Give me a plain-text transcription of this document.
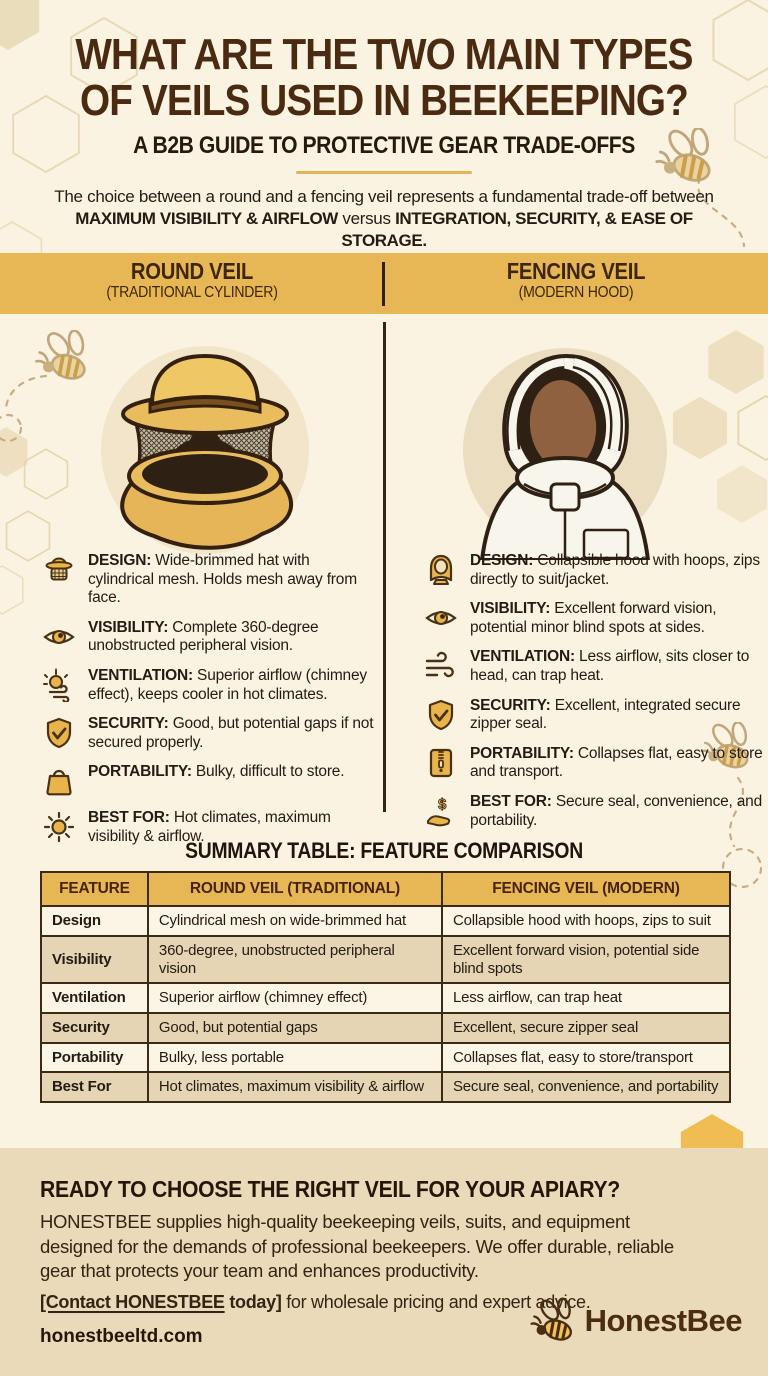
WHAT ARE THE TWO MAIN TYPES
OF VEILS USED IN BEEKEEPING?
A B2B GUIDE TO PROTECTIVE GEAR TRADE-OFFS
The choice between a round and a fencing veil represents a fundamental trade-off between MAXIMUM VISIBILITY & AIRFLOW versus INTEGRATION, SECURITY, & EASE OF STORAGE.
ROUND VEIL
(TRADITIONAL CYLINDER)
FENCING VEIL
(MODERN HOOD)
DESIGN: Wide-brimmed hat with cylindrical mesh. Holds mesh away from face.
VISIBILITY: Complete 360-degree unobstructed peripheral vision.
VENTILATION: Superior airflow (chimney effect), keeps cooler in hot climates.
SECURITY: Good, but potential gaps if not secured properly.
PORTABILITY: Bulky, difficult to store.
BEST FOR: Hot climates, maximum visibility & airflow.
DESIGN: Collapsible hood with hoops, zips directly to suit/jacket.
VISIBILITY: Excellent forward vision, potential minor blind spots at sides.
VENTILATION: Less airflow, sits closer to head, can trap heat.
SECURITY: Excellent, integrated secure zipper seal.
PORTABILITY: Collapses flat, easy to store and transport.
$ BEST FOR: Secure seal, convenience, and portability.
SUMMARY TABLE: FEATURE COMPARISON
FEATURE	ROUND VEIL (TRADITIONAL)	FENCING VEIL (MODERN)
Design	Cylindrical mesh on wide-brimmed hat	Collapsible hood with hoops, zips to suit
Visibility	360-degree, unobstructed peripheral vision	Excellent forward vision, potential side blind spots
Ventilation	Superior airflow (chimney effect)	Less airflow, can trap heat
Security	Good, but potential gaps	Excellent, secure zipper seal
Portability	Bulky, less portable	Collapses flat, easy to store/transport
Best For	Hot climates, maximum visibility & airflow	Secure seal, convenience, and portability
READY TO CHOOSE THE RIGHT VEIL FOR YOUR APIARY?
HONESTBEE supplies high-quality beekeeping veils, suits, and equipment designed for the demands of professional beekeepers. We offer durable, reliable gear that protects your team and enhances productivity.
[Contact HONESTBEE today] for wholesale pricing and expert advice.
honestbeeltd.com	HonestBee
